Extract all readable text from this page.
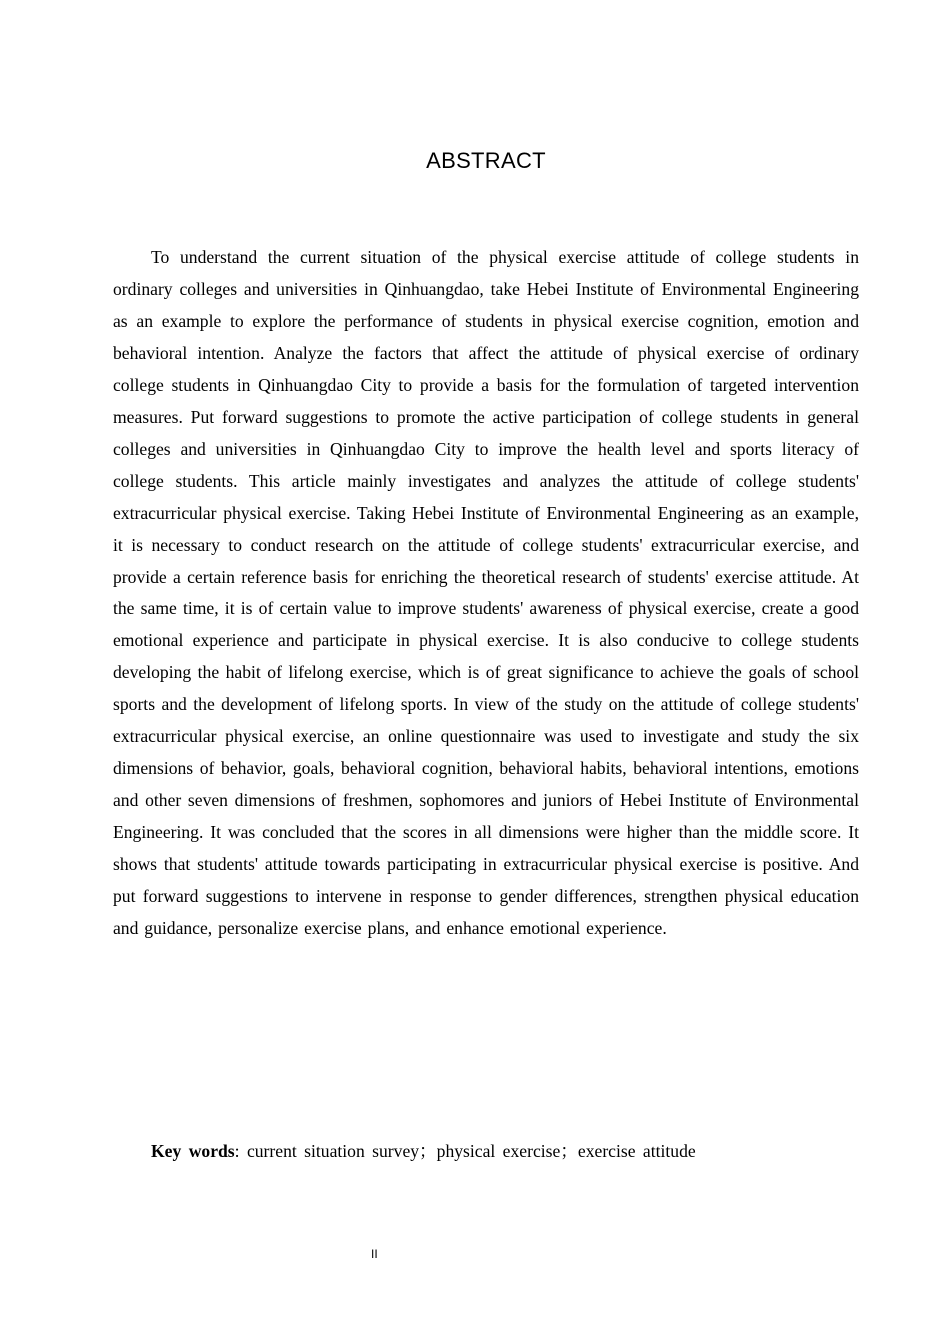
ABSTRACT

To understand the current situation of the physical exercise attitude of college students in ordinary colleges and universities in Qinhuangdao, take Hebei Institute of Environmental Engineering as an example to explore the performance of students in physical exercise cognition, emotion and behavioral intention. Analyze the factors that affect the attitude of physical exercise of ordinary college students in Qinhuangdao City to provide a basis for the formulation of targeted intervention measures. Put forward suggestions to promote the active participation of college students in general colleges and universities in Qinhuangdao City to improve the health level and sports literacy of college students. This article mainly investigates and analyzes the attitude of college students' extracurricular physical exercise. Taking Hebei Institute of Environmental Engineering as an example, it is necessary to conduct research on the attitude of college students' extracurricular exercise, and provide a certain reference basis for enriching the theoretical research of students' exercise attitude. At the same time, it is of certain value to improve students' awareness of physical exercise, create a good emotional experience and participate in physical exercise. It is also conducive to college students developing the habit of lifelong exercise, which is of great significance to achieve the goals of school sports and the development of lifelong sports. In view of the study on the attitude of college students' extracurricular physical exercise, an online questionnaire was used to investigate and study the six dimensions of behavior, goals, behavioral cognition, behavioral habits, behavioral intentions, emotions and other seven dimensions of freshmen, sophomores and juniors of Hebei Institute of Environmental Engineering. It was concluded that the scores in all dimensions were higher than the middle score. It shows that students' attitude towards participating in extracurricular physical exercise is positive. And put forward suggestions to intervene in response to gender differences, strengthen physical education and guidance, personalize exercise plans, and enhance emotional experience.

Key words: current situation survey；physical exercise；exercise attitude

II
